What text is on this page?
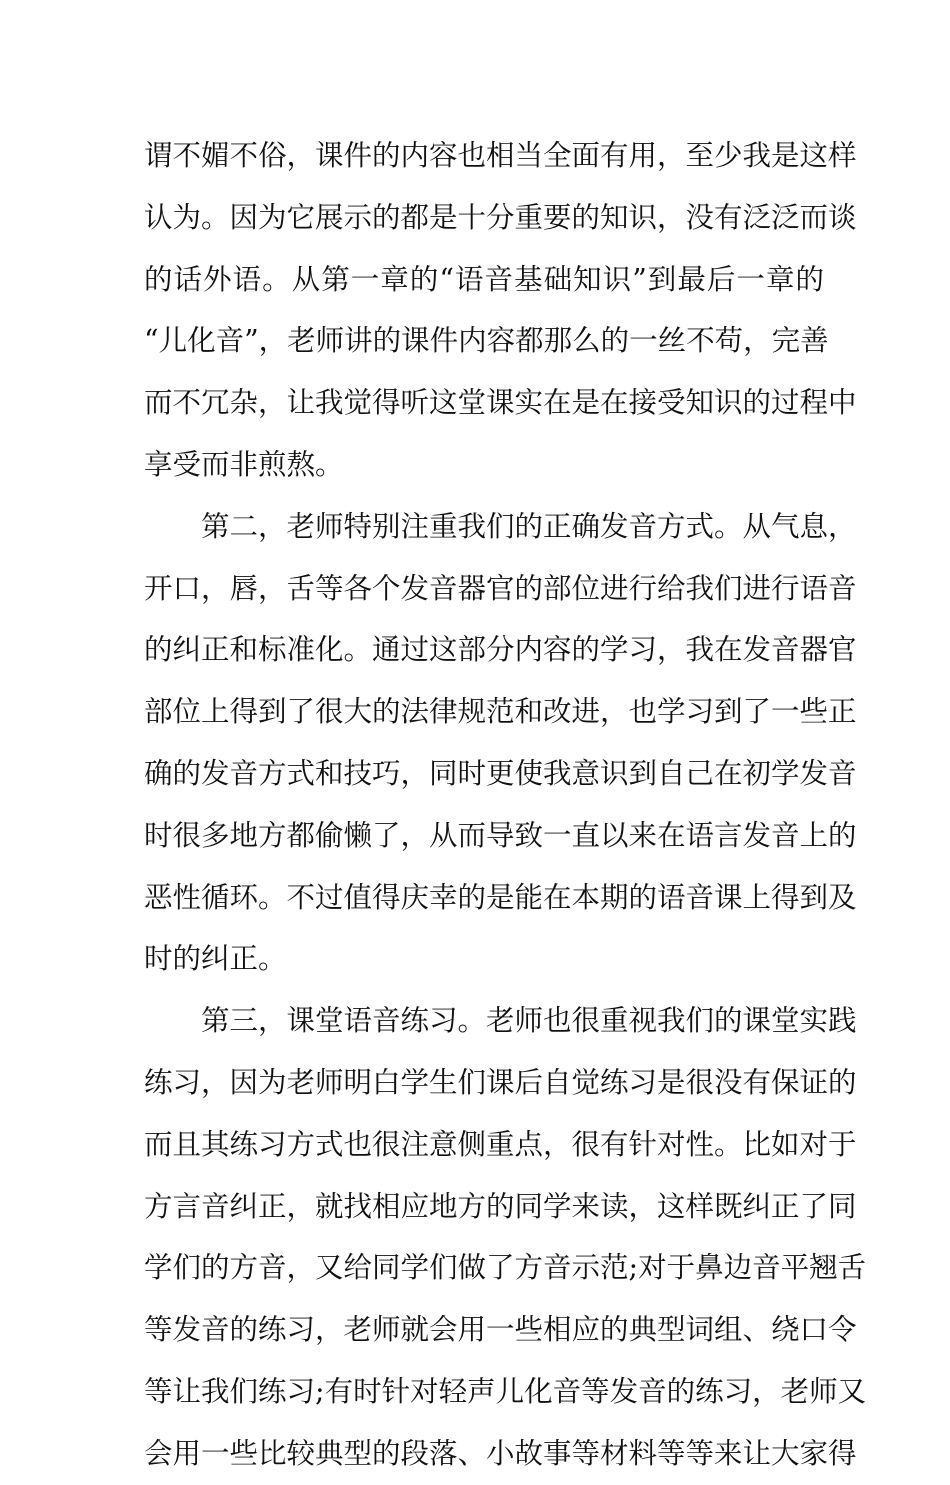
谓不媚不俗，课件的内容也相当全面有用，至少我是这样
认为。因为它展示的都是十分重要的知识，没有泛泛而谈
的话外语。从第一章的“语音基础知识”到最后一章的
“儿化音”，老师讲的课件内容都那么的一丝不苟，完善
而不冗杂，让我觉得听这堂课实在是在接受知识的过程中
享受而非煎熬。
第二，老师特别注重我们的正确发音方式。从气息，
开口，唇，舌等各个发音器官的部位进行给我们进行语音
的纠正和标准化。通过这部分内容的学习，我在发音器官
部位上得到了很大的法律规范和改进，也学习到了一些正
确的发音方式和技巧，同时更使我意识到自己在初学发音
时很多地方都偷懒了，从而导致一直以来在语言发音上的
恶性循环。不过值得庆幸的是能在本期的语音课上得到及
时的纠正。
第三，课堂语音练习。老师也很重视我们的课堂实践
练习，因为老师明白学生们课后自觉练习是很没有保证的
而且其练习方式也很注意侧重点，很有针对性。比如对于
方言音纠正，就找相应地方的同学来读，这样既纠正了同
学们的方音，又给同学们做了方音示范;对于鼻边音平翘舌
等发音的练习，老师就会用一些相应的典型词组、绕口令
等让我们练习;有时针对轻声儿化音等发音的练习，老师又
会用一些比较典型的段落、小故事等材料等等来让大家得
